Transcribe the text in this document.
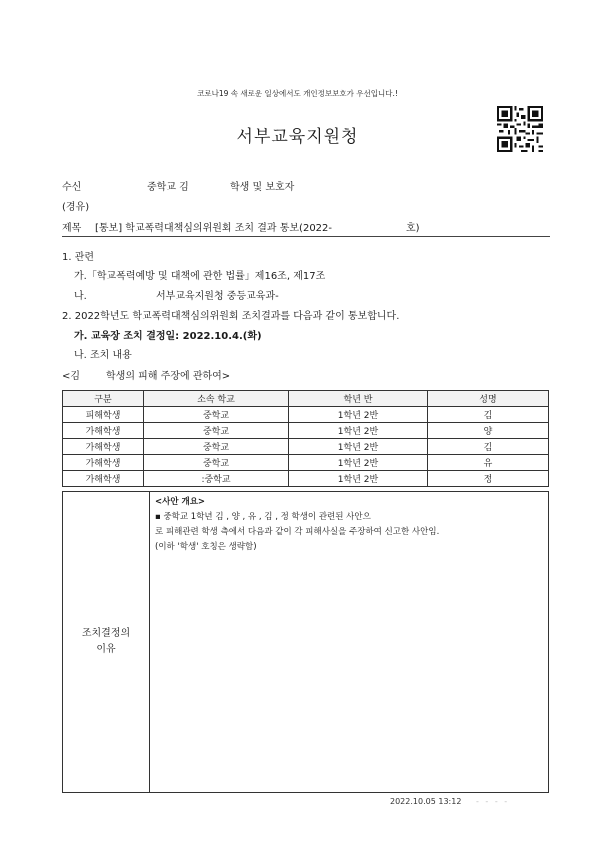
코로나19 속 새로운 일상에서도 개인정보보호가 우선입니다.!
서부교육지원청
수신	중학교 김	학생 및 보호자
(경유)
제목 [통보] 학교폭력대책심의위원회 조치 결과 통보(2022-	호)
1. 관련
가.「학교폭력예방 및 대책에 관한 법률」제16조, 제17조
나.	서부교육지원청 중등교육과-
2. 2022학년도 학교폭력대책심의위원회 조치결과를 다음과 같이 통보합니다.
가. 교육장 조치 결정일: 2022.10.4.(화)
나. 조치 내용
<김	학생의 피해 주장에 관하여>
구분	소속 학교	학년 반	성명
피해학생	중학교	1학년 2반	김
가해학생	중학교	1학년 2반	양
가해학생	중학교	1학년 2반	김
가해학생	중학교	1학년 2반	유
가해학생	:중학교	1학년 2반	정
조치결정의
이유
<사안 개요>
▪ 중학교 1학년 김 , 양 , 유 , 김 , 정 학생이 관련된 사안으
로 피해관련 학생 측에서 다음과 같이 각 피해사실을 주장하여 신고한 사안임.
(이하 '학생' 호칭은 생략함)
2022.10.05 13:12 - - - -
